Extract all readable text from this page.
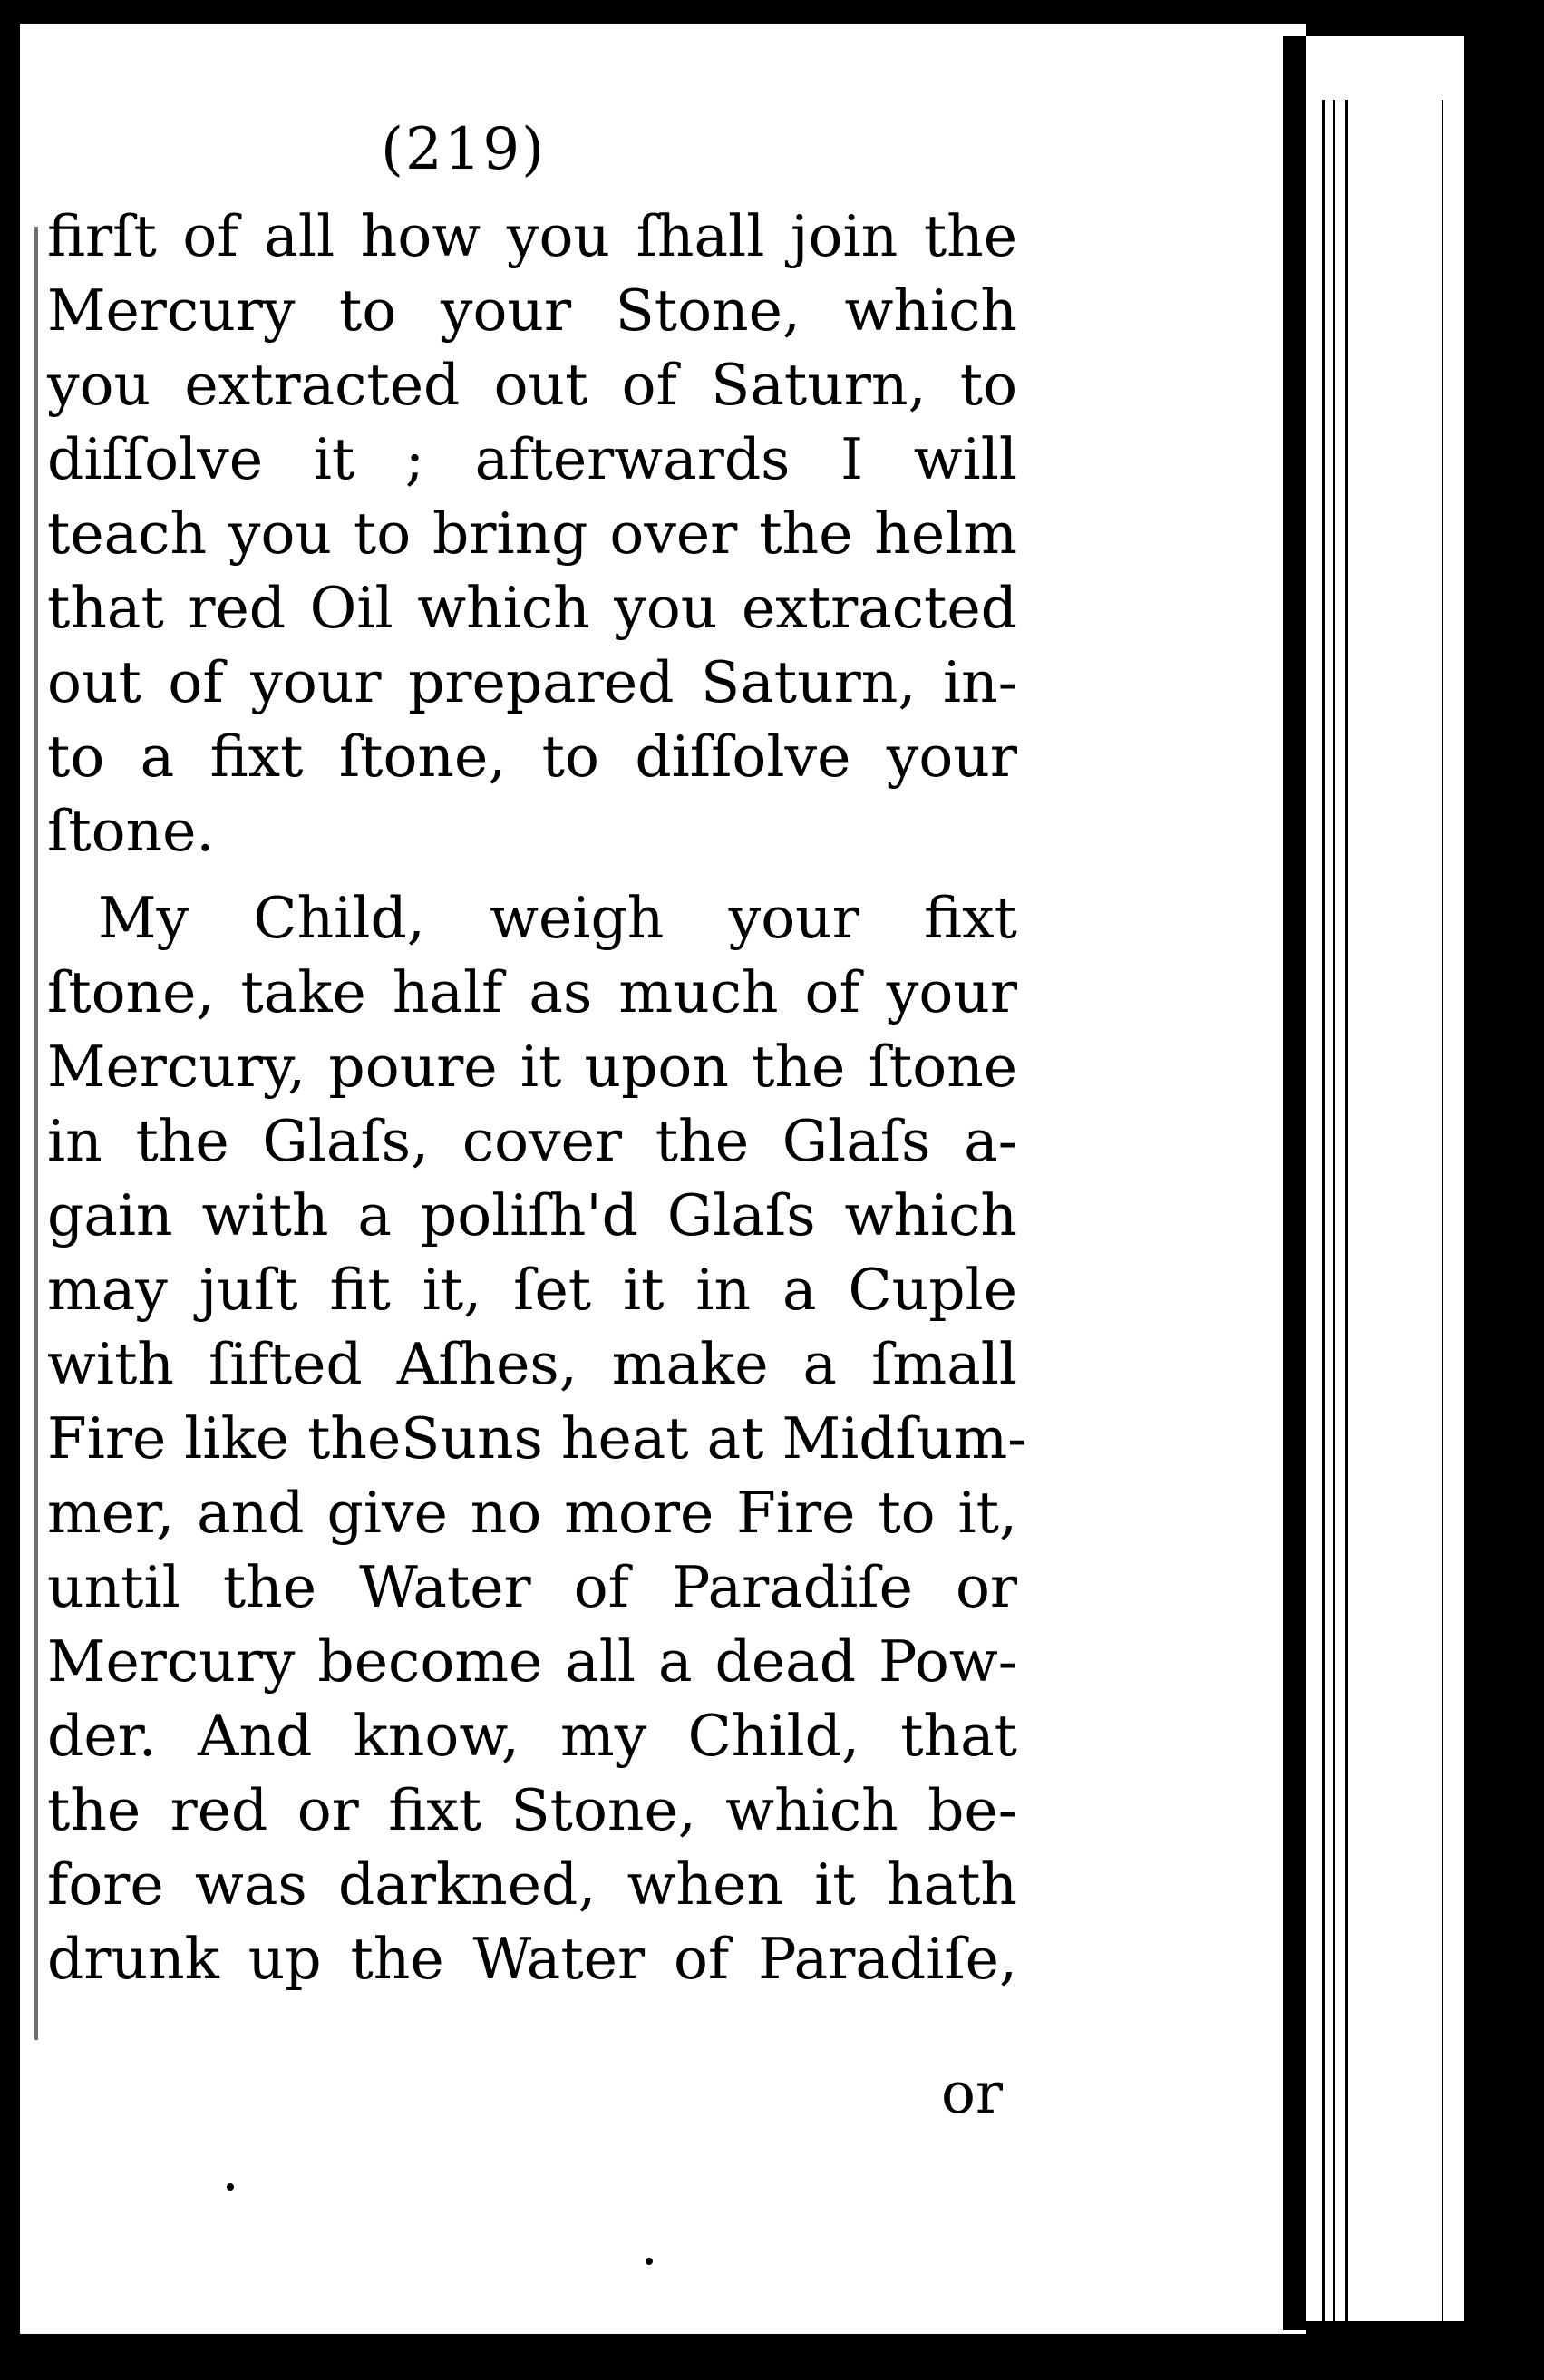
(219)
firſt of all how you ſhall join the
Mercury to your Stone, which
you extracted out of Saturn, to
diſſolve it ; afterwards I will
teach you to bring over the helm
that red Oil which you extracted
out of your prepared Saturn, in-
to a fixt ſtone, to diſſolve your
ſtone.
My Child, weigh your fixt
ſtone, take half as much of your
Mercury, poure it upon the ſtone
in the Glaſs, cover the Glaſs a-
gain with a poliſh'd Glaſs which
may juſt fit it, ſet it in a Cuple
with ſifted Aſhes, make a ſmall
Fire like theSuns heat at Midſum-
mer, and give no more Fire to it,
until the Water of Paradiſe or
Mercury become all a dead Pow-
der. And know, my Child, that
the red or fixt Stone, which be-
fore was darkned, when it hath
drunk up the Water of Paradiſe,
or
